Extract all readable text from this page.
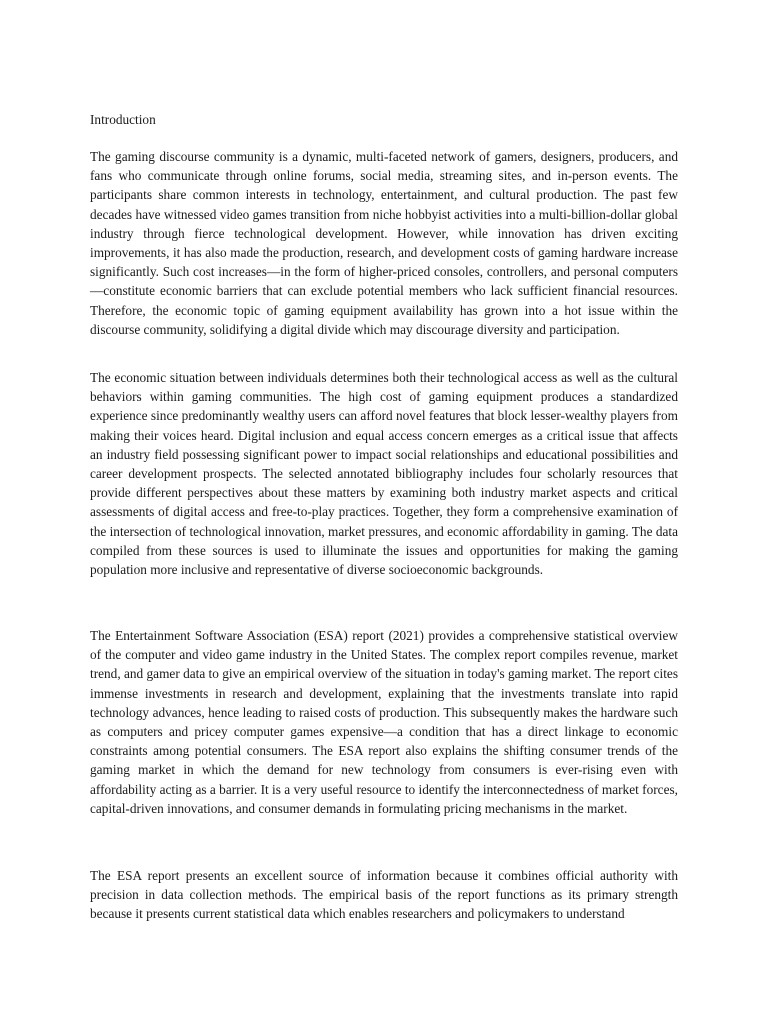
Introduction

The gaming discourse community is a dynamic, multi-faceted network of gamers, designers, producers, and fans who communicate through online forums, social media, streaming sites, and in-person events. The participants share common interests in technology, entertainment, and cultural production. The past few decades have witnessed video games transition from niche hobbyist activities into a multi-billion-dollar global industry through fierce technological development. However, while innovation has driven exciting improvements, it has also made the production, research, and development costs of gaming hardware increase significantly. Such cost increases—in the form of higher-priced consoles, controllers, and personal computers—constitute economic barriers that can exclude potential members who lack sufficient financial resources. Therefore, the economic topic of gaming equipment availability has grown into a hot issue within the discourse community, solidifying a digital divide which may discourage diversity and participation.

The economic situation between individuals determines both their technological access as well as the cultural behaviors within gaming communities. The high cost of gaming equipment produces a standardized experience since predominantly wealthy users can afford novel features that block lesser-wealthy players from making their voices heard. Digital inclusion and equal access concern emerges as a critical issue that affects an industry field possessing significant power to impact social relationships and educational possibilities and career development prospects. The selected annotated bibliography includes four scholarly resources that provide different perspectives about these matters by examining both industry market aspects and critical assessments of digital access and free-to-play practices. Together, they form a comprehensive examination of the intersection of technological innovation, market pressures, and economic affordability in gaming. The data compiled from these sources is used to illuminate the issues and opportunities for making the gaming population more inclusive and representative of diverse socioeconomic backgrounds.

The Entertainment Software Association (ESA) report (2021) provides a comprehensive statistical overview of the computer and video game industry in the United States. The complex report compiles revenue, market trend, and gamer data to give an empirical overview of the situation in today's gaming market. The report cites immense investments in research and development, explaining that the investments translate into rapid technology advances, hence leading to raised costs of production. This subsequently makes the hardware such as computers and pricey computer games expensive—a condition that has a direct linkage to economic constraints among potential consumers. The ESA report also explains the shifting consumer trends of the gaming market in which the demand for new technology from consumers is ever-rising even with affordability acting as a barrier. It is a very useful resource to identify the interconnectedness of market forces, capital-driven innovations, and consumer demands in formulating pricing mechanisms in the market.

The ESA report presents an excellent source of information because it combines official authority with precision in data collection methods. The empirical basis of the report functions as its primary strength because it presents current statistical data which enables researchers and policymakers to understand
